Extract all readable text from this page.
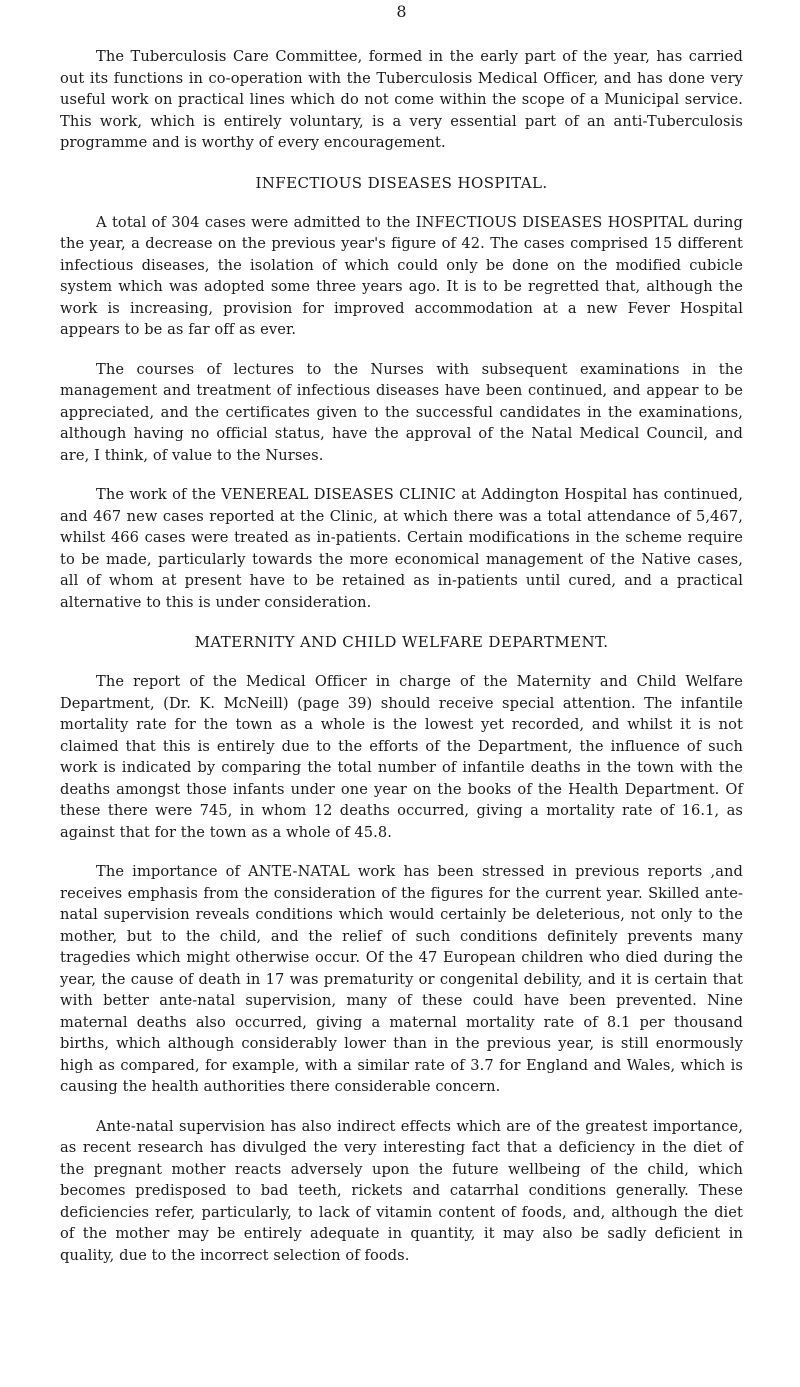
8

The Tuberculosis Care Committee, formed in the early part of the year, has carried out its functions in co-operation with the Tuberculosis Medical Officer, and has done very useful work on practical lines which do not come within the scope of a Municipal service. This work, which is entirely voluntary, is a very essential part of an anti-Tuberculosis programme and is worthy of every encouragement.

INFECTIOUS DISEASES HOSPITAL.

A total of 304 cases were admitted to the INFECTIOUS DISEASES HOSPITAL during the year, a decrease on the previous year's figure of 42. The cases comprised 15 different infectious diseases, the isolation of which could only be done on the modified cubicle system which was adopted some three years ago. It is to be regretted that, although the work is increasing, provision for improved accommodation at a new Fever Hospital appears to be as far off as ever.

The courses of lectures to the Nurses with subsequent examinations in the management and treatment of infectious diseases have been continued, and appear to be appreciated, and the certificates given to the successful candidates in the examinations, although having no official status, have the approval of the Natal Medical Council, and are, I think, of value to the Nurses.

The work of the VENEREAL DISEASES CLINIC at Addington Hospital has continued, and 467 new cases reported at the Clinic, at which there was a total attendance of 5,467, whilst 466 cases were treated as in-patients. Certain modifications in the scheme require to be made, particularly towards the more economical management of the Native cases, all of whom at present have to be retained as in-patients until cured, and a practical alternative to this is under consideration.

MATERNITY AND CHILD WELFARE DEPARTMENT.

The report of the Medical Officer in charge of the Maternity and Child Welfare Department, (Dr. K. McNeill) (page 39) should receive special attention. The infantile mortality rate for the town as a whole is the lowest yet recorded, and whilst it is not claimed that this is entirely due to the efforts of the Department, the influence of such work is indicated by comparing the total number of infantile deaths in the town with the deaths amongst those infants under one year on the books of the Health Department. Of these there were 745, in whom 12 deaths occurred, giving a mortality rate of 16.1, as against that for the town as a whole of 45.8.

The importance of ANTE-NATAL work has been stressed in previous reports ,and receives emphasis from the consideration of the figures for the current year. Skilled ante-natal supervision reveals conditions which would certainly be deleterious, not only to the mother, but to the child, and the relief of such conditions definitely prevents many tragedies which might otherwise occur. Of the 47 European children who died during the year, the cause of death in 17 was prematurity or congenital debility, and it is certain that with better ante-natal supervision, many of these could have been prevented. Nine maternal deaths also occurred, giving a maternal mortality rate of 8.1 per thousand births, which although considerably lower than in the previous year, is still enormously high as compared, for example, with a similar rate of 3.7 for England and Wales, which is causing the health authorities there considerable concern.

Ante-natal supervision has also indirect effects which are of the greatest importance, as recent research has divulged the very interesting fact that a deficiency in the diet of the pregnant mother reacts adversely upon the future wellbeing of the child, which becomes predisposed to bad teeth, rickets and catarrhal conditions generally. These deficiencies refer, particularly, to lack of vitamin content of foods, and, although the diet of the mother may be entirely adequate in quantity, it may also be sadly deficient in quality, due to the incorrect selection of foods.
